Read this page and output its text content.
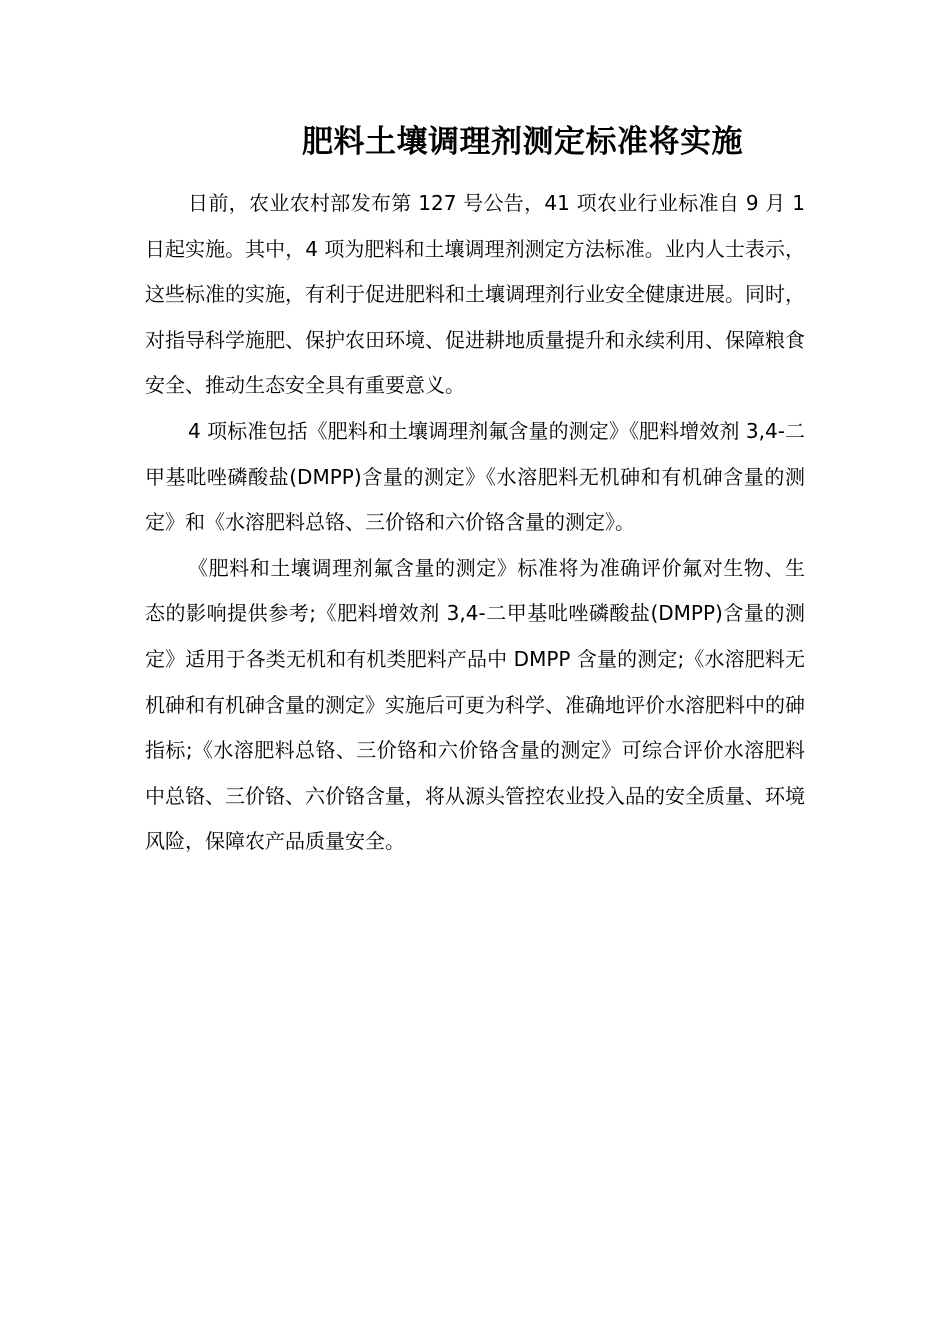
肥料土壤调理剂测定标准将实施

日前，农业农村部发布第 127 号公告，41 项农业行业标准自 9 月 1 日起实施。其中，4 项为肥料和土壤调理剂测定方法标准。业内人士表示，这些标准的实施，有利于促进肥料和土壤调理剂行业安全健康进展。同时，对指导科学施肥、保护农田环境、促进耕地质量提升和永续利用、保障粮食安全、推动生态安全具有重要意义。

4 项标准包括《肥料和土壤调理剂氟含量的测定》《肥料增效剂 3,4-二甲基吡唑磷酸盐(DMPP)含量的测定》《水溶肥料无机砷和有机砷含量的测定》和《水溶肥料总铬、三价铬和六价铬含量的测定》。

《肥料和土壤调理剂氟含量的测定》标准将为准确评价氟对生物、生态的影响提供参考;《肥料增效剂 3,4-二甲基吡唑磷酸盐(DMPP)含量的测定》适用于各类无机和有机类肥料产品中 DMPP 含量的测定;《水溶肥料无机砷和有机砷含量的测定》实施后可更为科学、准确地评价水溶肥料中的砷指标;《水溶肥料总铬、三价铬和六价铬含量的测定》可综合评价水溶肥料中总铬、三价铬、六价铬含量，将从源头管控农业投入品的安全质量、环境风险，保障农产品质量安全。
